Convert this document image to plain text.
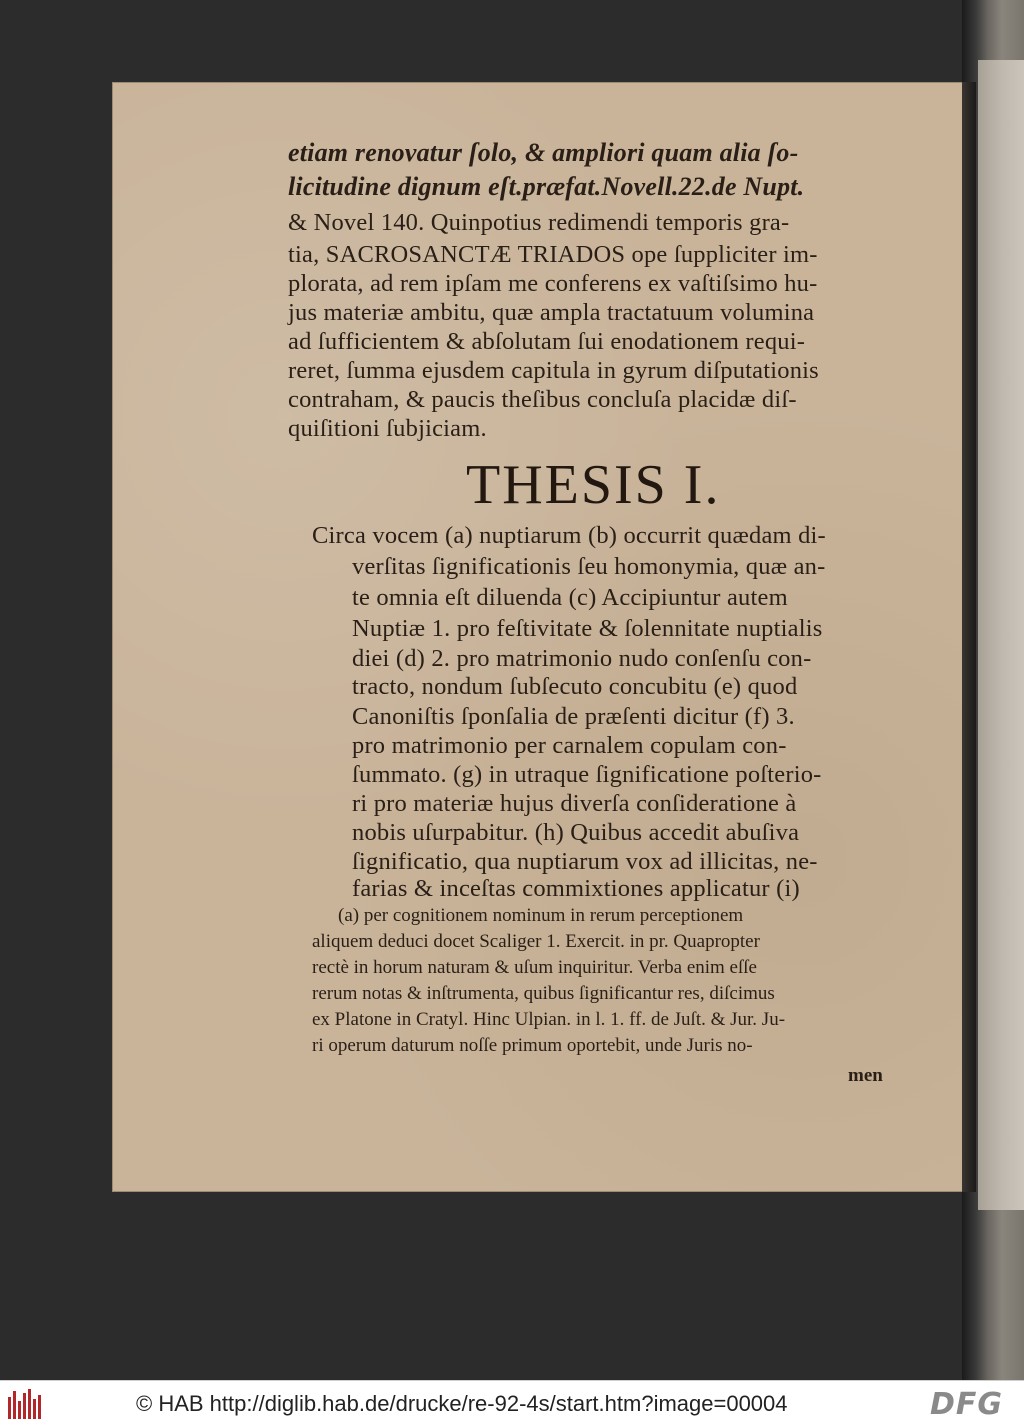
etiam renovatur ſolo, & ampliori quam alia ſo-
licitudine dignum eſt.præfat.Novell.22.de Nupt.
& Novel 140. Quinpotius redimendi temporis gra-
tia, SACROSANCTÆ TRIADOS ope ſuppliciter im-
plorata, ad rem ipſam me conferens ex vaſtiſsimo hu-
jus materiæ ambitu, quæ ampla tractatuum volumina
ad ſufficientem & abſolutam ſui enodationem requi-
reret, ſumma ejusdem capitula in gyrum diſputationis
contraham, & paucis theſibus concluſa placidæ diſ-
quiſitioni ſubjiciam.
THESIS I.
Circa vocem (a) nuptiarum (b) occurrit quædam di-
verſitas ſignificationis ſeu homonymia, quæ an-
te omnia eſt diluenda (c) Accipiuntur autem
Nuptiæ 1. pro feſtivitate & ſolennitate nuptialis
diei (d) 2. pro matrimonio nudo conſenſu con-
tracto, nondum ſubſecuto concubitu (e) quod
Canoniſtis ſponſalia de præſenti dicitur (f) 3.
pro matrimonio per carnalem copulam con-
ſummato. (g) in utraque ſignificatione poſterio-
ri pro materiæ hujus diverſa conſideratione à
nobis uſurpabitur. (h) Quibus accedit abuſiva
ſignificatio, qua nuptiarum vox ad illicitas, ne-
farias & inceſtas commixtiones applicatur (i)
(a) per cognitionem nominum in rerum perceptionem
aliquem deduci docet Scaliger 1. Exercit. in pr. Quapropter
rectè in horum naturam & uſum inquiritur. Verba enim eſſe
rerum notas & inſtrumenta, quibus ſignificantur res, diſcimus
ex Platone in Cratyl. Hinc Ulpian. in l. 1. ff. de Juſt. & Jur. Ju-
ri operum daturum noſſe primum oportebit, unde Juris no-
men
© HAB http://diglib.hab.de/drucke/re-92-4s/start.htm?image=00004	DFG
